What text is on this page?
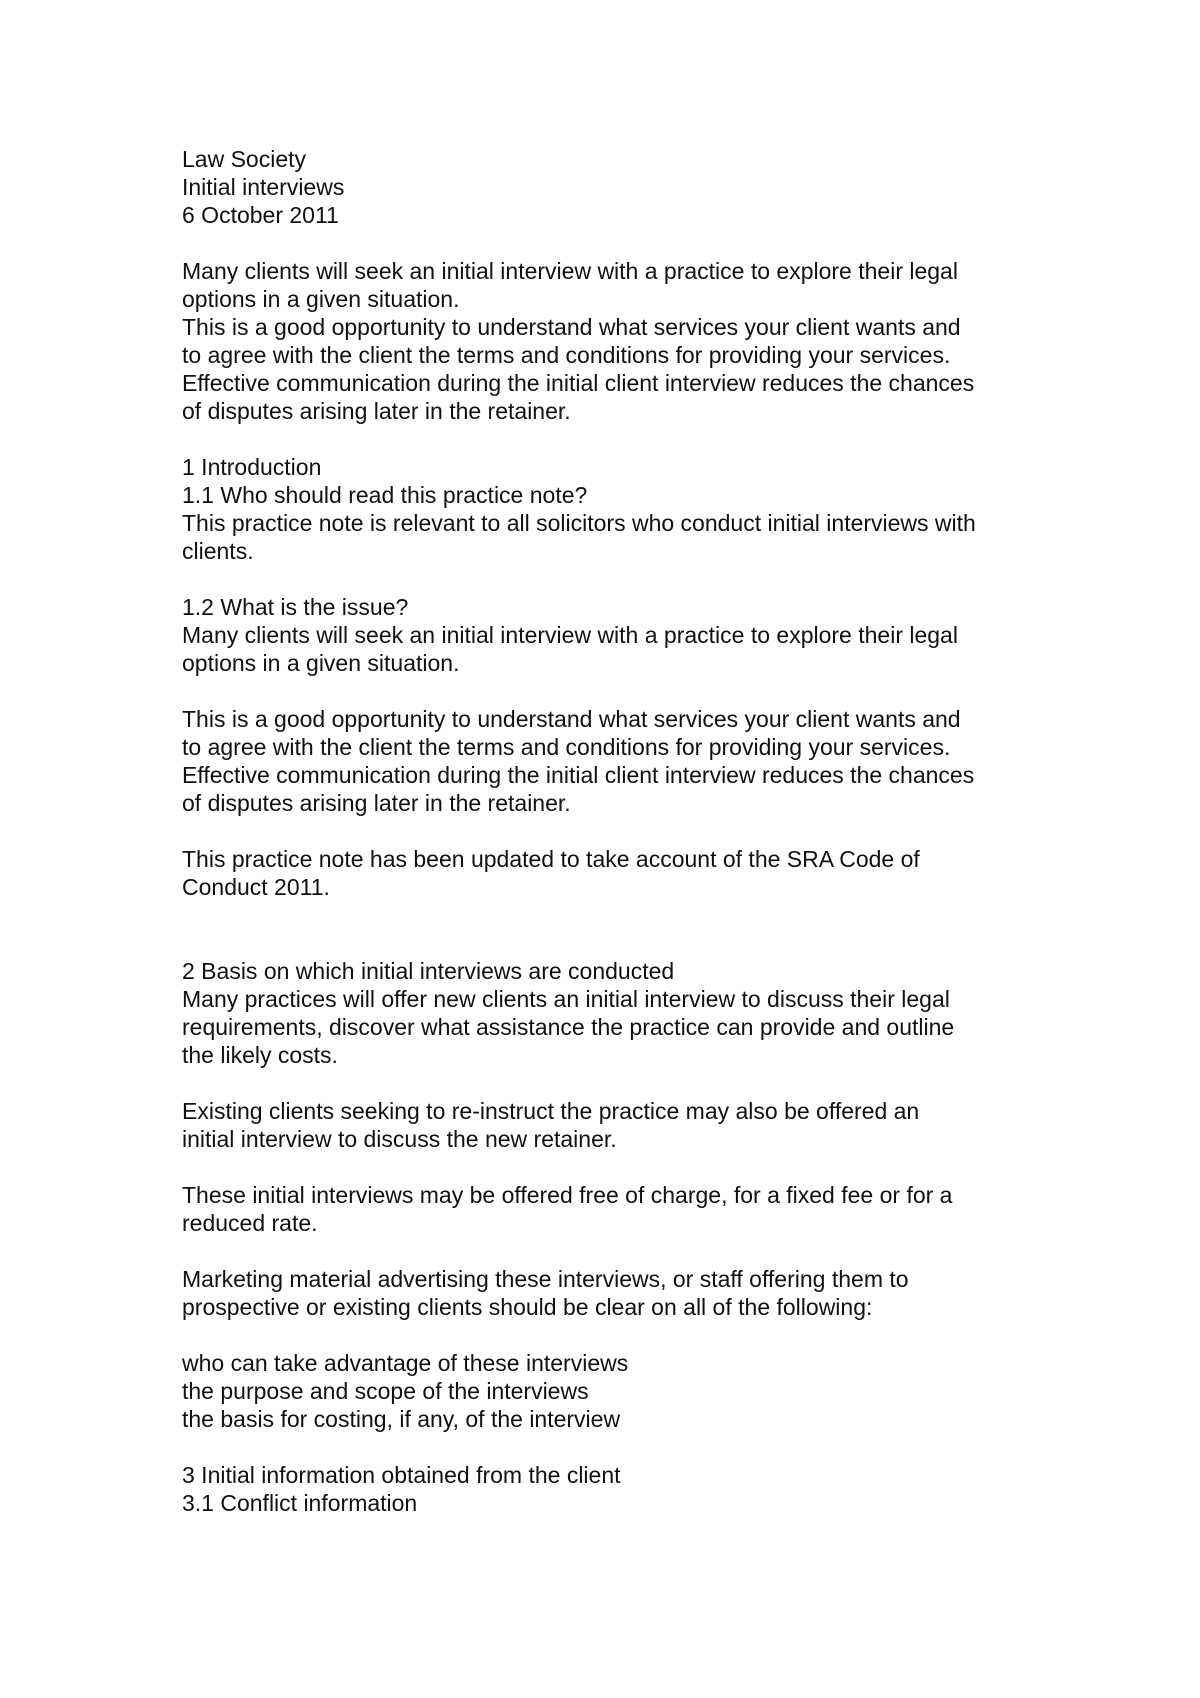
Law Society
Initial interviews
6 October 2011
Many clients will seek an initial interview with a practice to explore their legal
options in a given situation.
This is a good opportunity to understand what services your client wants and
to agree with the client the terms and conditions for providing your services.
Effective communication during the initial client interview reduces the chances
of disputes arising later in the retainer.
1 Introduction
1.1 Who should read this practice note?
This practice note is relevant to all solicitors who conduct initial interviews with
clients.
1.2 What is the issue?
Many clients will seek an initial interview with a practice to explore their legal
options in a given situation.
This is a good opportunity to understand what services your client wants and
to agree with the client the terms and conditions for providing your services.
Effective communication during the initial client interview reduces the chances
of disputes arising later in the retainer.
This practice note has been updated to take account of the SRA Code of
Conduct 2011.
2 Basis on which initial interviews are conducted
Many practices will offer new clients an initial interview to discuss their legal
requirements, discover what assistance the practice can provide and outline
the likely costs.
Existing clients seeking to re-instruct the practice may also be offered an
initial interview to discuss the new retainer.
These initial interviews may be offered free of charge, for a fixed fee or for a
reduced rate.
Marketing material advertising these interviews, or staff offering them to
prospective or existing clients should be clear on all of the following:
who can take advantage of these interviews
the purpose and scope of the interviews
the basis for costing, if any, of the interview
3 Initial information obtained from the client
3.1 Conflict information
